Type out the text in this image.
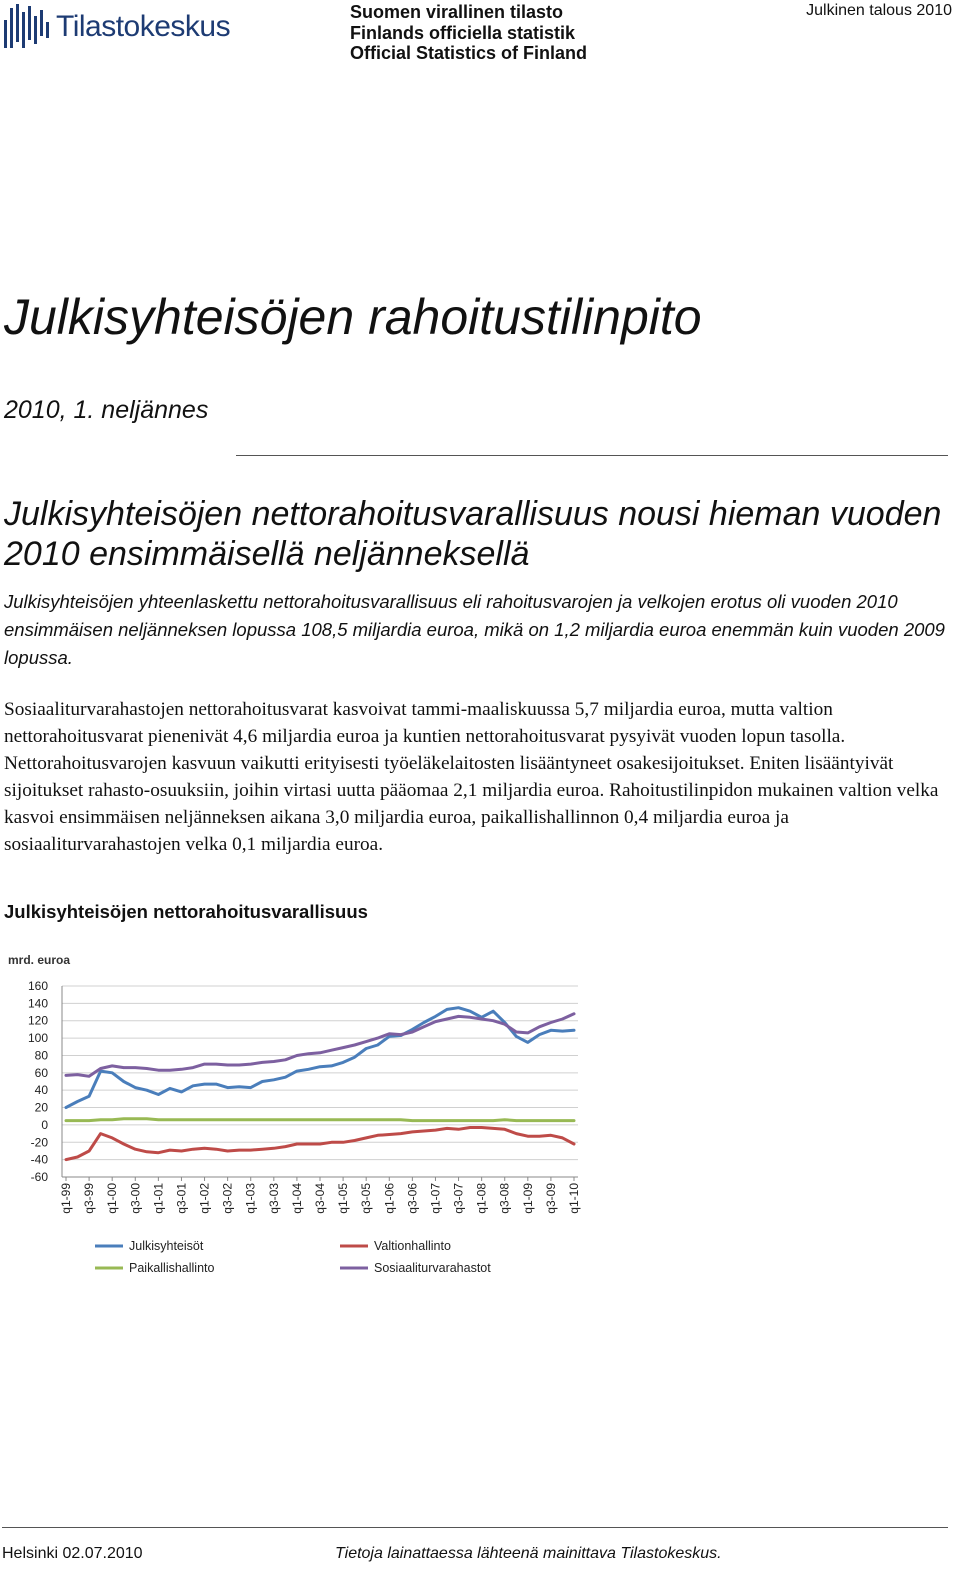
Tilastokeskus	Suomen virallinen tilasto
Finlands officiella statistik
Official Statistics of Finland
Julkinen talous 2010
Julkisyhteisöjen rahoitustilinpito
2010, 1. neljännes
Julkisyhteisöjen nettorahoitusvarallisuus nousi hieman vuoden 2010 ensimmäisellä neljänneksellä
Julkisyhteisöjen yhteenlaskettu nettorahoitusvarallisuus eli rahoitusvarojen ja velkojen erotus oli vuoden 2010 ensimmäisen neljänneksen lopussa 108,5 miljardia euroa, mikä on 1,2 miljardia euroa enemmän kuin vuoden 2009 lopussa.
Sosiaaliturvarahastojen nettorahoitusvarat kasvoivat tammi-maaliskuussa 5,7 miljardia euroa, mutta valtion nettorahoitusvarat pienenivät 4,6 miljardia euroa ja kuntien nettorahoitusvarat pysyivät vuoden lopun tasolla. Nettorahoitusvarojen kasvuun vaikutti erityisesti työeläkelaitosten lisääntyneet osakesijoitukset. Eniten lisääntyivät sijoitukset rahasto-osuuksiin, joihin virtasi uutta pääomaa 2,1 miljardia euroa. Rahoitustilinpidon mukainen valtion velka kasvoi ensimmäisen neljänneksen aikana 3,0 miljardia euroa, paikallishallinnon 0,4 miljardia euroa ja sosiaaliturvarahastojen velka 0,1 miljardia euroa.
Julkisyhteisöjen nettorahoitusvarallisuus
mrd. euroa
-60
-40
-20
0
20
40
60
80
100
120
140
160
q1-99 q3-99 q1-00 q3-00 q1-01 q3-01 q1-02 q3-02 q1-03 q3-03 q1-04 q3-04 q1-05 q3-05 q1-06 q3-06 q1-07 q3-07 q1-08 q3-08 q1-09 q3-09 q1-10
Julkisyhteisöt	Valtionhallinto
Paikallishallinto	Sosiaaliturvarahastot
Helsinki 02.07.2010	Tietoja lainattaessa lähteenä mainittava Tilastokeskus.
